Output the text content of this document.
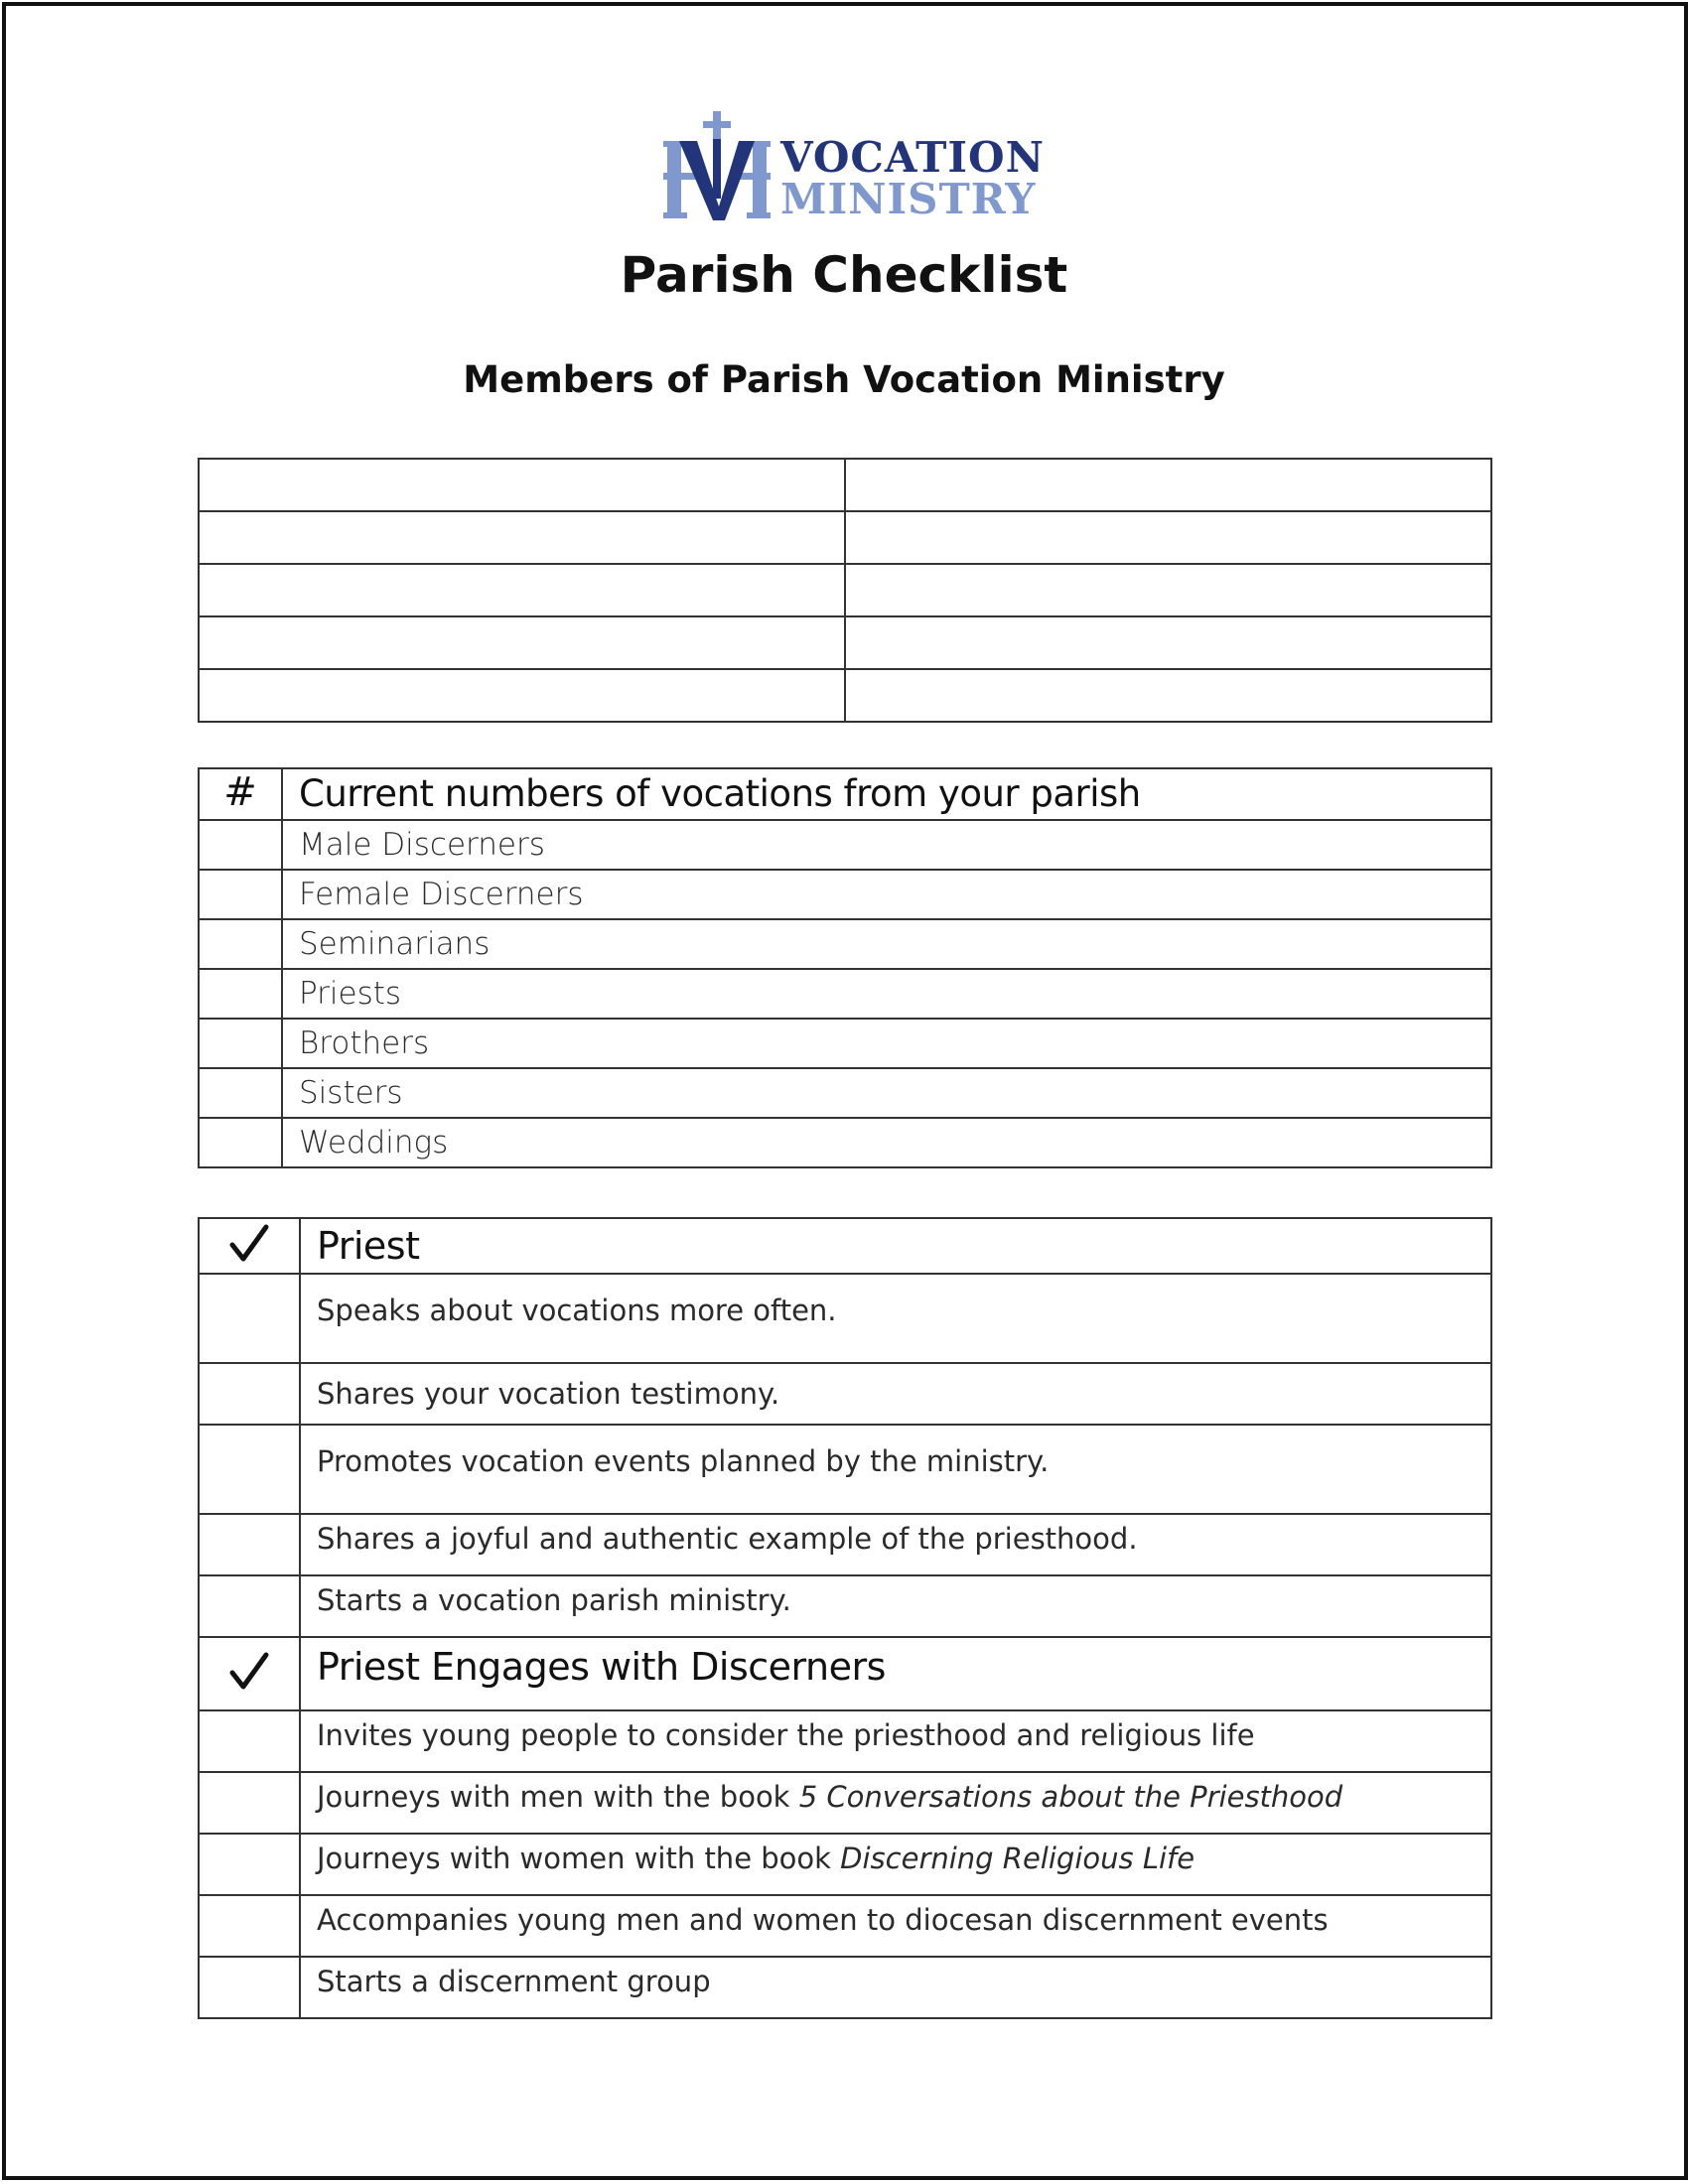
VOCATION
MINISTRY
Parish Checklist
Members of Parish Vocation Ministry

#	Current numbers of vocations from your parish
	Male Discerners
	Female Discerners
	Seminarians
	Priests
	Brothers
	Sisters
	Weddings
	Priest
	Speaks about vocations more often.
	Shares your vocation testimony.
	Promotes vocation events planned by the ministry.
	Shares a joyful and authentic example of the priesthood.
	Starts a vocation parish ministry.
	Priest Engages with Discerners
	Invites young people to consider the priesthood and religious life
	Journeys with men with the book 5 Conversations about the Priesthood
	Journeys with women with the book Discerning Religious Life
	Accompanies young men and women to diocesan discernment events
	Starts a discernment group
